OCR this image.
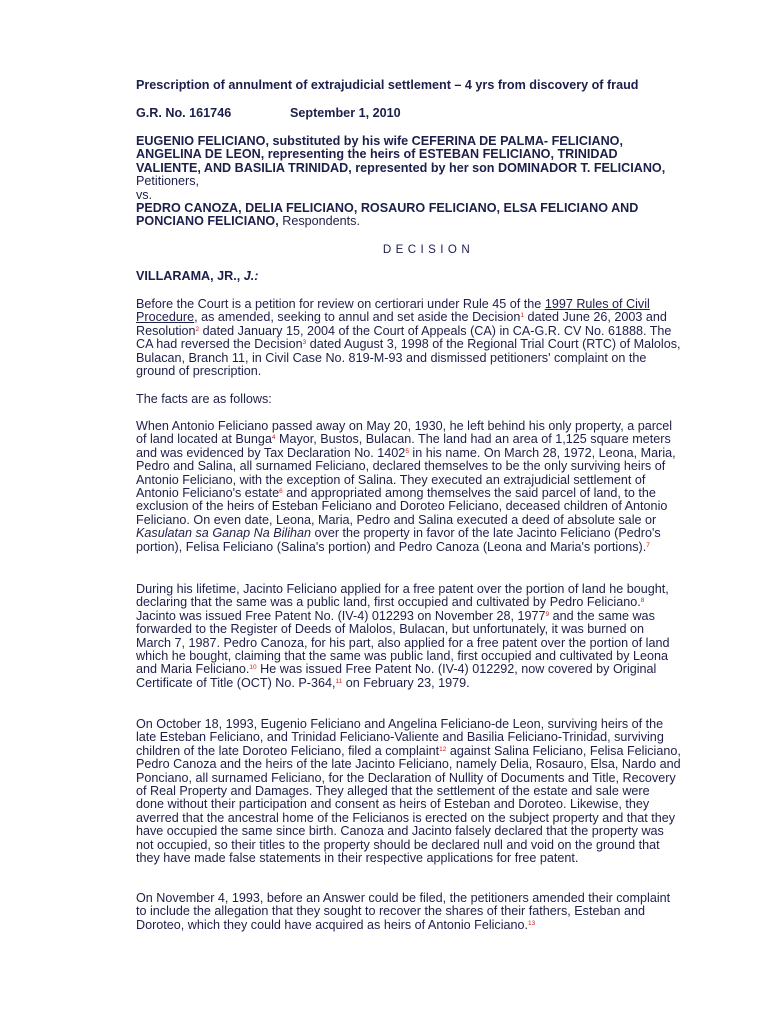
Prescription of annulment of extrajudicial settlement – 4 yrs from discovery of fraud

G.R. No. 161746	September 1, 2010

EUGENIO FELICIANO, substituted by his wife CEFERINA DE PALMA- FELICIANO, ANGELINA DE LEON, representing the heirs of ESTEBAN FELICIANO, TRINIDAD VALIENTE, AND BASILIA TRINIDAD, represented by her son DOMINADOR T. FELICIANO, Petitioners,
vs.
PEDRO CANOZA, DELIA FELICIANO, ROSAURO FELICIANO, ELSA FELICIANO AND PONCIANO FELICIANO, Respondents.

DECISION

VILLARAMA, JR., J.:

Before the Court is a petition for review on certiorari under Rule 45 of the 1997 Rules of Civil Procedure, as amended, seeking to annul and set aside the Decision$^1$ dated June 26, 2003 and Resolution$^2$ dated January 15, 2004 of the Court of Appeals (CA) in CA-G.R. CV No. 61888. The CA had reversed the Decision$^3$ dated August 3, 1998 of the Regional Trial Court (RTC) of Malolos, Bulacan, Branch 11, in Civil Case No. 819-M-93 and dismissed petitioners' complaint on the ground of prescription.

The facts are as follows:

When Antonio Feliciano passed away on May 20, 1930, he left behind his only property, a parcel of land located at Bunga$^4$ Mayor, Bustos, Bulacan. The land had an area of 1,125 square meters and was evidenced by Tax Declaration No. 1402$^5$ in his name. On March 28, 1972, Leona, Maria, Pedro and Salina, all surnamed Feliciano, declared themselves to be the only surviving heirs of Antonio Feliciano, with the exception of Salina. They executed an extrajudicial settlement of Antonio Feliciano's estate$^6$ and appropriated among themselves the said parcel of land, to the exclusion of the heirs of Esteban Feliciano and Doroteo Feliciano, deceased children of Antonio Feliciano. On even date, Leona, Maria, Pedro and Salina executed a deed of absolute sale or Kasulatan sa Ganap Na Bilihan over the property in favor of the late Jacinto Feliciano (Pedro's portion), Felisa Feliciano (Salina's portion) and Pedro Canoza (Leona and Maria's portions).$^7$

During his lifetime, Jacinto Feliciano applied for a free patent over the portion of land he bought, declaring that the same was a public land, first occupied and cultivated by Pedro Feliciano.$^8$ Jacinto was issued Free Patent No. (IV-4) 012293 on November 28, 1977$^9$ and the same was forwarded to the Register of Deeds of Malolos, Bulacan, but unfortunately, it was burned on March 7, 1987. Pedro Canoza, for his part, also applied for a free patent over the portion of land which he bought, claiming that the same was public land, first occupied and cultivated by Leona and Maria Feliciano.$^{10}$ He was issued Free Patent No. (IV-4) 012292, now covered by Original Certificate of Title (OCT) No. P-364,11 on February 23, 1979.

On October 18, 1993, Eugenio Feliciano and Angelina Feliciano-de Leon, surviving heirs of the late Esteban Feliciano, and Trinidad Feliciano-Valiente and Basilia Feliciano-Trinidad, surviving children of the late Doroteo Feliciano, filed a complaint$^{12}$ against Salina Feliciano, Felisa Feliciano, Pedro Canoza and the heirs of the late Jacinto Feliciano, namely Delia, Rosauro, Elsa, Nardo and Ponciano, all surnamed Feliciano, for the Declaration of Nullity of Documents and Title, Recovery of Real Property and Damages. They alleged that the settlement of the estate and sale were done without their participation and consent as heirs of Esteban and Doroteo. Likewise, they averred that the ancestral home of the Felicianos is erected on the subject property and that they have occupied the same since birth. Canoza and Jacinto falsely declared that the property was not occupied, so their titles to the property should be declared null and void on the ground that they have made false statements in their respective applications for free patent.

On November 4, 1993, before an Answer could be filed, the petitioners amended their complaint to include the allegation that they sought to recover the shares of their fathers, Esteban and Doroteo, which they could have acquired as heirs of Antonio Feliciano.$^{13}$
